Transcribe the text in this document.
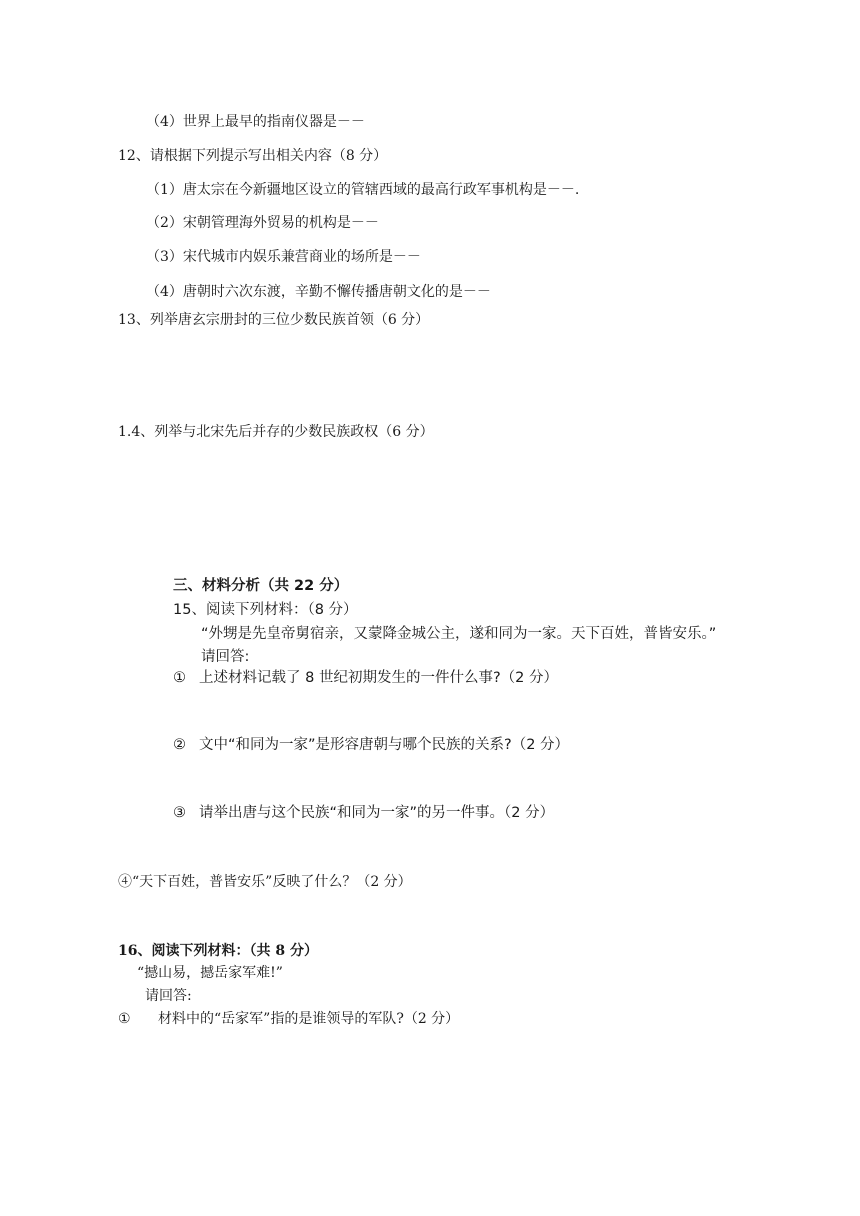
（4）世界上最早的指南仪器是－－
12、请根据下列提示写出相关内容（8 分）
（1）唐太宗在今新疆地区设立的管辖西域的最高行政军事机构是－－.
（2）宋朝管理海外贸易的机构是－－
（3）宋代城市内娱乐兼营商业的场所是－－
（4）唐朝时六次东渡，辛勤不懈传播唐朝文化的是－－
13、列举唐玄宗册封的三位少数民族首领（6 分）
1.4、列举与北宋先后并存的少数民族政权（6 分）
三、材料分析（共 22 分）
15、阅读下列材料：（8 分）
“外甥是先皇帝舅宿亲，又蒙降金城公主，遂和同为一家。天下百姓，普皆安乐。”
请回答:
① 上述材料记载了 8 世纪初期发生的一件什么事?（2 分）
② 文中“和同为一家”是形容唐朝与哪个民族的关系?（2 分）
③ 请举出唐与这个民族“和同为一家”的另一件事。（2 分）
④“天下百姓，普皆安乐”反映了什么？（2 分）
16、阅读下列材料：（共 8 分）
“撼山易，撼岳家军难!”
请回答:
① 材料中的“岳家军”指的是谁领导的军队?（2 分）
